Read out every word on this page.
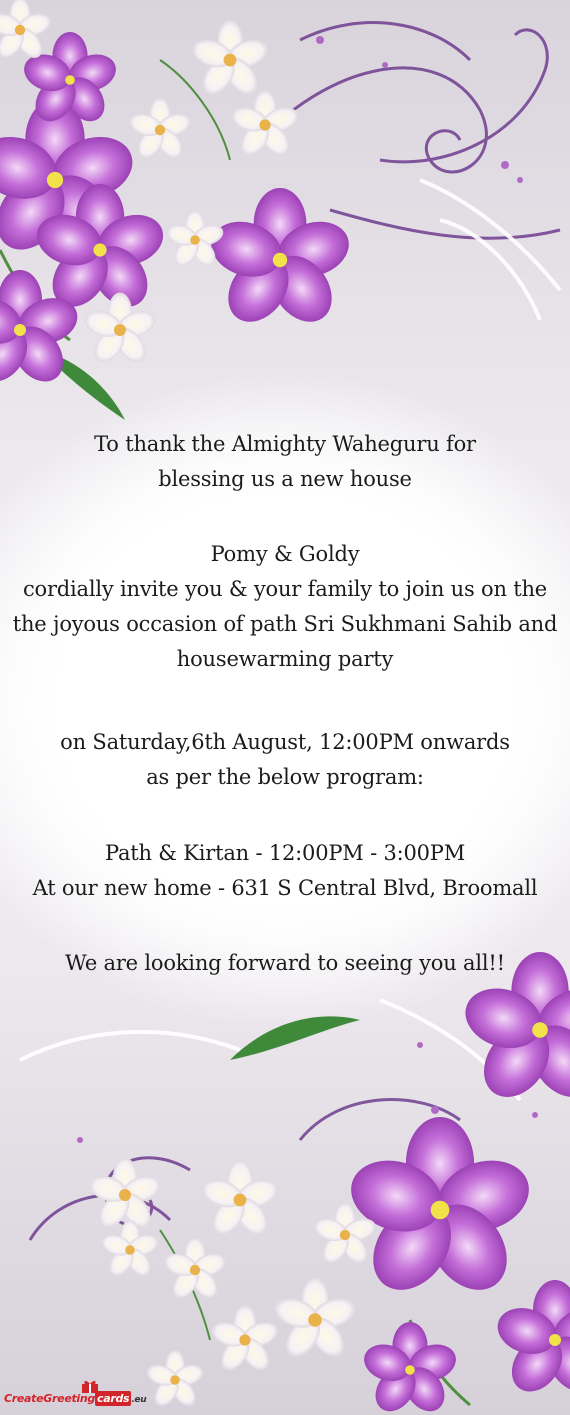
To thank the Almighty Waheguru for
blessing us a new house
Pomy & Goldy
cordially invite you & your family to join us on the
the joyous occasion of path Sri Sukhmani Sahib and
housewarming party
on Saturday,6th August, 12:00PM onwards
as per the below program:
Path & Kirtan - 12:00PM - 3:00PM
At our new home - 631 S Central Blvd, Broomall
We are looking forward to seeing you all!!
CreateGreeting cards .eu
